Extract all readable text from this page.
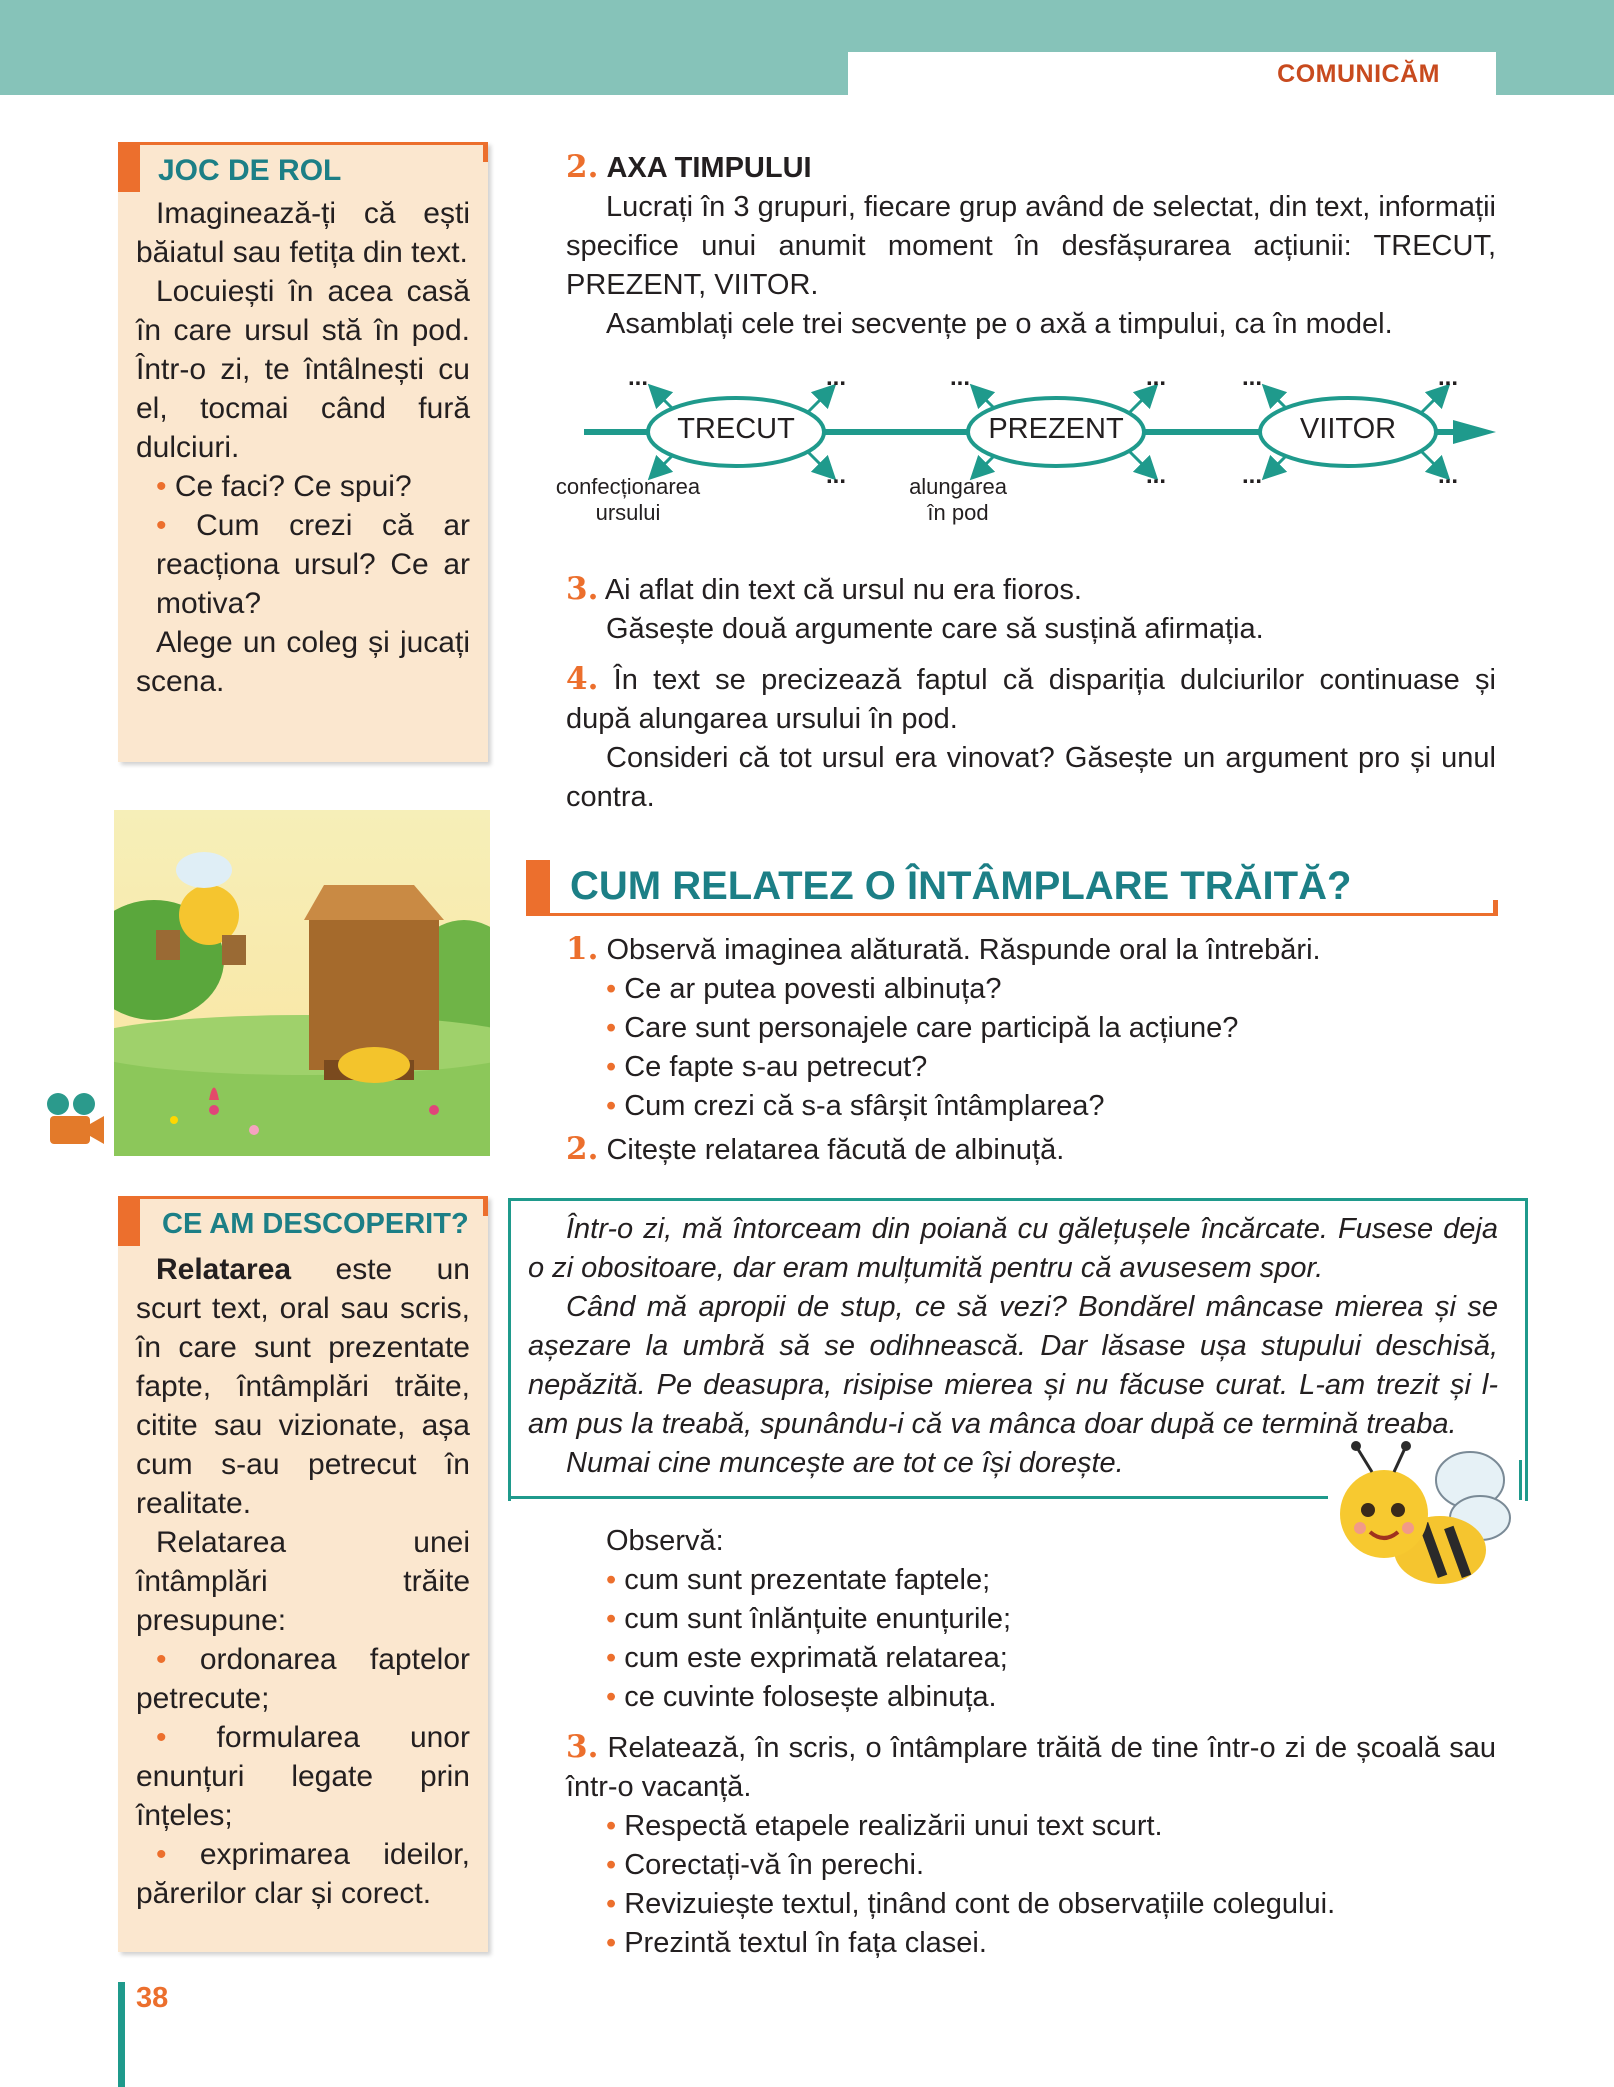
COMUNICĂM
JOC DE ROL

Imaginează-ți că ești băiatul sau fetița din text.

Locuiești în acea casă în care ursul stă în pod. Într-o zi, te întâlnești cu el, tocmai când fură dulciuri.

• Ce faci? Ce spui?

• Cum crezi că ar reacționa ursul? Ce ar motiva?

Alege un coleg și jucați scena.

CE AM DESCOPERIT?

Relatarea este un scurt text, oral sau scris, în care sunt prezentate fapte, întâmplări trăite, citite sau vizionate, așa cum s-au petrecut în realitate.

Relatarea unei întâmplări trăite presupune:

• ordonarea faptelor petrecute;

• formularea unor enunțuri legate prin înțeles;

• exprimarea ideilor, părerilor clar și corect.

2. AXA TIMPULUI

Lucrați în 3 grupuri, fiecare grup având de selectat, din text, informații specifice unui anumit moment în desfășurarea acțiunii: TRECUT, PREZENT, VIITOR.

Asamblați cele trei secvențe pe o axă a timpului, ca în model.

TRECUT	PREZENT	VIITOR
...	...
...
...	...
...
...
...
...
...
confecționarea
ursului
alungarea
în pod

3. Ai aflat din text că ursul nu era fioros.

Găsește două argumente care să susțină afirmația.

4. În text se precizează faptul că dispariția dulciurilor continuase și după alungarea ursului în pod.

Consideri că tot ursul era vinovat? Găsește un argument pro și unul contra.

CUM RELATEZ O ÎNTÂMPLARE TRĂITĂ?

1. Observă imaginea alăturată. Răspunde oral la întrebări.

• Ce ar putea povesti albinuța?

• Care sunt personajele care participă la acțiune?

• Ce fapte s-au petrecut?

• Cum crezi că s-a sfârșit întâmplarea?

2. Citește relatarea făcută de albinuță.

Într-o zi, mă întorceam din poiană cu gălețușele încărcate. Fusese deja o zi obositoare, dar eram mulțumită pentru că avusesem spor.

Când mă apropii de stup, ce să vezi? Bondărel mâncase mierea și se așezare la umbră să se odihnească. Dar lăsase ușa stupului deschisă, nepăzită. Pe deasupra, risipise mierea și nu făcuse curat. L-am trezit și l-am pus la treabă, spunându-i că va mânca doar după ce termină treaba.

Numai cine muncește are tot ce își dorește.

Observă:

• cum sunt prezentate faptele;

• cum sunt înlănțuite enunțurile;

• cum este exprimată relatarea;

• ce cuvinte folosește albinuța.

3. Relatează, în scris, o întâmplare trăită de tine într-o zi de școală sau într-o vacanță.

• Respectă etapele realizării unui text scurt.

• Corectați-vă în perechi.

• Revizuiește textul, ținând cont de observațiile colegului.

• Prezintă textul în fața clasei.

38
